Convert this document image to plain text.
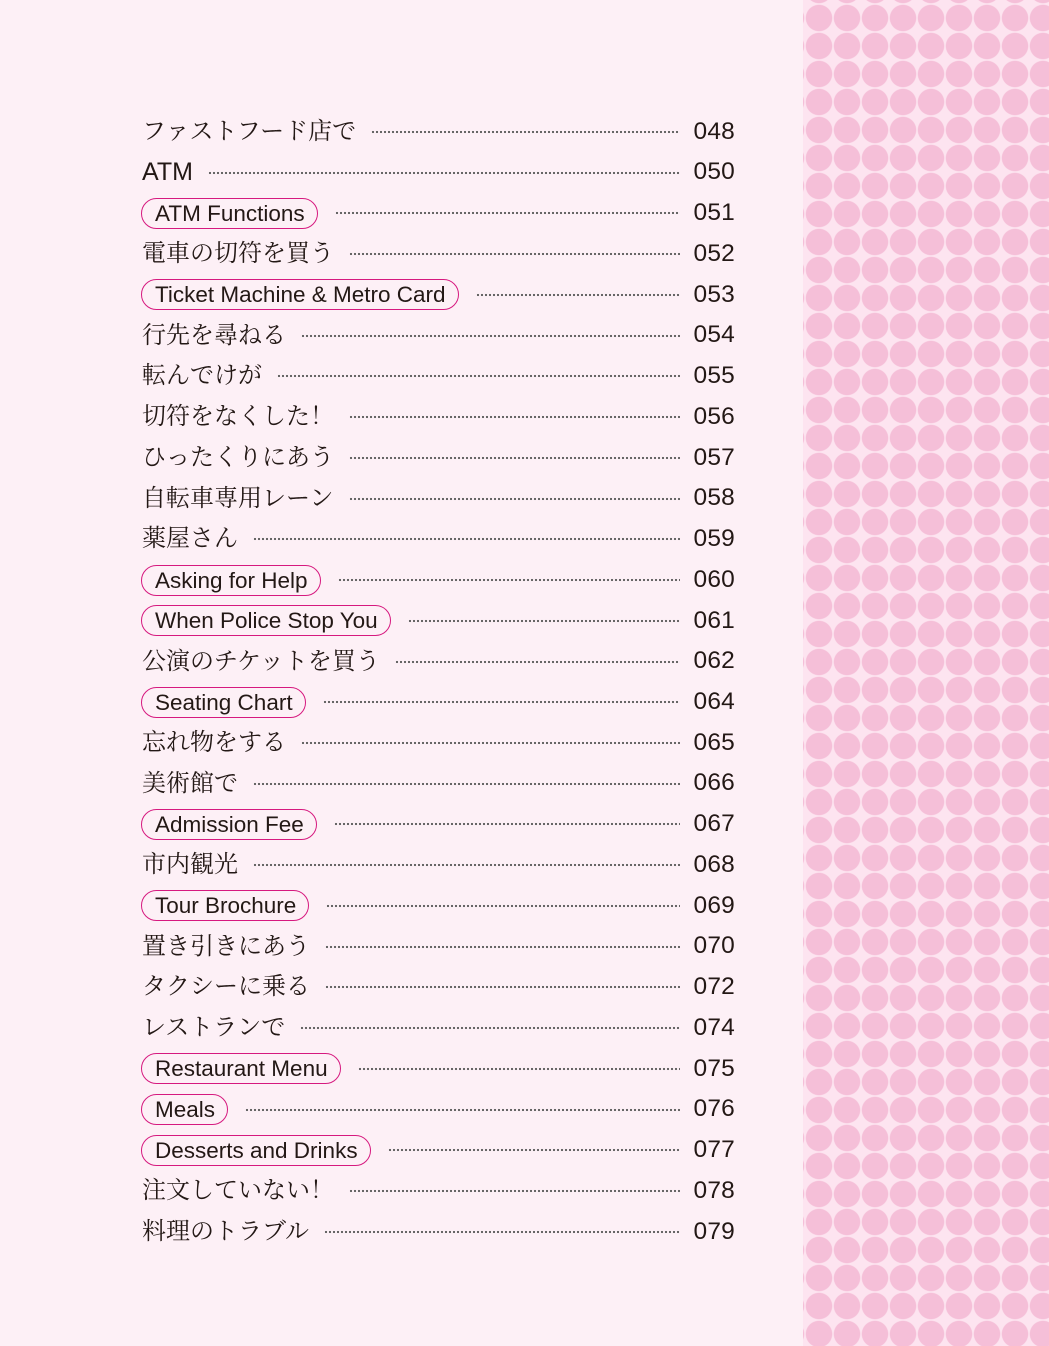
ファストフード店で	048
ATM	050
ATM Functions	051
電車の切符を買う	052
Ticket Machine & Metro Card	053
行先を尋ねる	054
転んでけが	055
切符をなくした！	056
ひったくりにあう	057
自転車専用レーン	058
薬屋さん	059
Asking for Help	060
When Police Stop You	061
公演のチケットを買う	062
Seating Chart	064
忘れ物をする	065
美術館で	066
Admission Fee	067
市内観光	068
Tour Brochure	069
置き引きにあう	070
タクシーに乗る	072
レストランで	074
Restaurant Menu	075
Meals	076
Desserts and Drinks	077
注文していない！	078
料理のトラブル	079
